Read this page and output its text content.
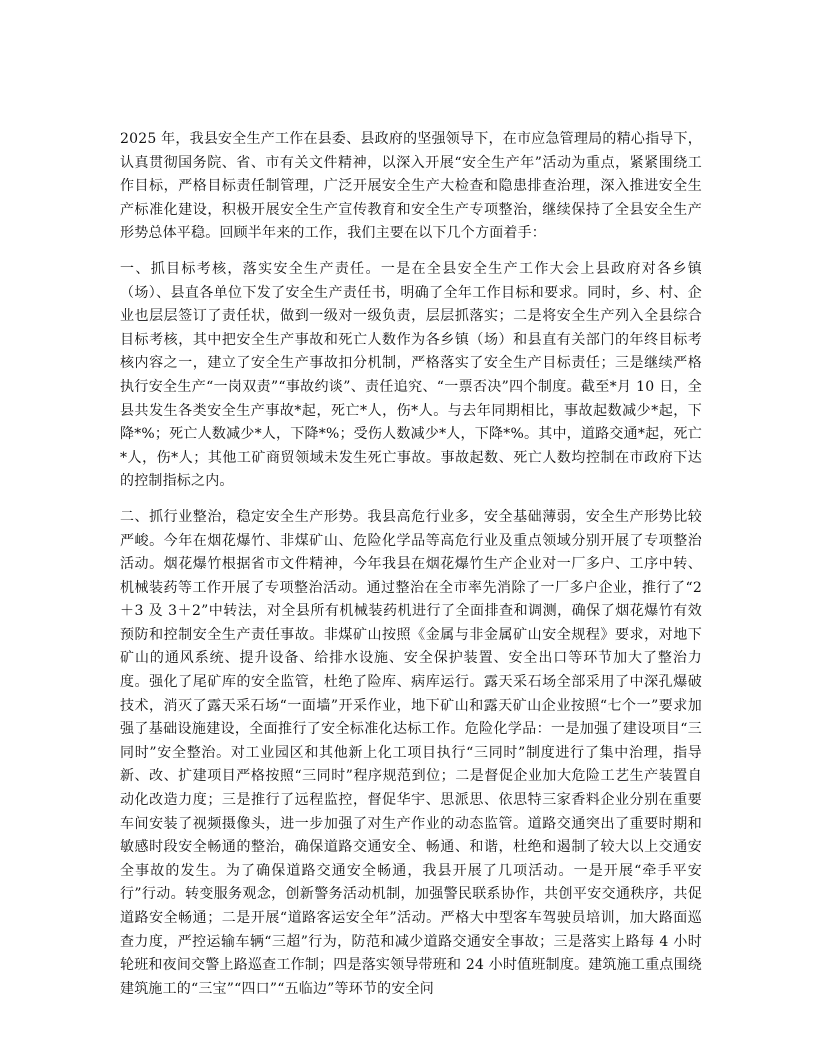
2025 年，我县安全生产工作在县委、县政府的坚强领导下，在市应急管理局的精心指导下，认真贯彻国务院、省、市有关文件精神，以深入开展“安全生产年”活动为重点，紧紧围绕工作目标，严格目标责任制管理，广泛开展安全生产大检查和隐患排查治理，深入推进安全生产标准化建设，积极开展安全生产宣传教育和安全生产专项整治，继续保持了全县安全生产形势总体平稳。回顾半年来的工作，我们主要在以下几个方面着手：

一、抓目标考核，落实安全生产责任。一是在全县安全生产工作大会上县政府对各乡镇（场）、县直各单位下发了安全生产责任书，明确了全年工作目标和要求。同时，乡、村、企业也层层签订了责任状，做到一级对一级负责，层层抓落实；二是将安全生产列入全县综合目标考核，其中把安全生产事故和死亡人数作为各乡镇（场）和县直有关部门的年终目标考核内容之一，建立了安全生产事故扣分机制，严格落实了安全生产目标责任；三是继续严格执行安全生产“一岗双责”“事故约谈”、责任追究、“一票否决”四个制度。截至*月 10 日，全县共发生各类安全生产事故*起，死亡*人，伤*人。与去年同期相比，事故起数减少*起，下降*%；死亡人数减少*人，下降*%；受伤人数减少*人，下降*%。其中，道路交通*起，死亡*人，伤*人；其他工矿商贸领域未发生死亡事故。事故起数、死亡人数均控制在市政府下达的控制指标之内。

二、抓行业整治，稳定安全生产形势。我县高危行业多，安全基础薄弱，安全生产形势比较严峻。今年在烟花爆竹、非煤矿山、危险化学品等高危行业及重点领域分别开展了专项整治活动。烟花爆竹根据省市文件精神，今年我县在烟花爆竹生产企业对一厂多户、工序中转、机械装药等工作开展了专项整治活动。通过整治在全市率先消除了一厂多户企业，推行了“2＋3 及 3＋2”中转法，对全县所有机械装药机进行了全面排查和调测，确保了烟花爆竹有效预防和控制安全生产责任事故。非煤矿山按照《金属与非金属矿山安全规程》要求，对地下矿山的通风系统、提升设备、给排水设施、安全保护装置、安全出口等环节加大了整治力度。强化了尾矿库的安全监管，杜绝了险库、病库运行。露天采石场全部采用了中深孔爆破技术，消灭了露天采石场“一面墙”开采作业，地下矿山和露天矿山企业按照“七个一”要求加强了基础设施建设，全面推行了安全标准化达标工作。危险化学品：一是加强了建设项目“三同时”安全整治。对工业园区和其他新上化工项目执行“三同时”制度进行了集中治理，指导新、改、扩建项目严格按照“三同时”程序规范到位；二是督促企业加大危险工艺生产装置自动化改造力度；三是推行了远程监控，督促华宇、思派思、依思特三家香料企业分别在重要车间安装了视频摄像头，进一步加强了对生产作业的动态监管。道路交通突出了重要时期和敏感时段安全畅通的整治，确保道路交通安全、畅通、和谐，杜绝和遏制了较大以上交通安全事故的发生。为了确保道路交通安全畅通，我县开展了几项活动。一是开展“牵手平安行”行动。转变服务观念，创新警务活动机制，加强警民联系协作，共创平安交通秩序，共促道路安全畅通；二是开展“道路客运安全年”活动。严格大中型客车驾驶员培训，加大路面巡查力度，严控运输车辆“三超”行为，防范和减少道路交通安全事故；三是落实上路每 4 小时轮班和夜间交警上路巡查工作制；四是落实领导带班和 24 小时值班制度。建筑施工重点围绕建筑施工的“三宝”“四口”“五临边”等环节的安全问
